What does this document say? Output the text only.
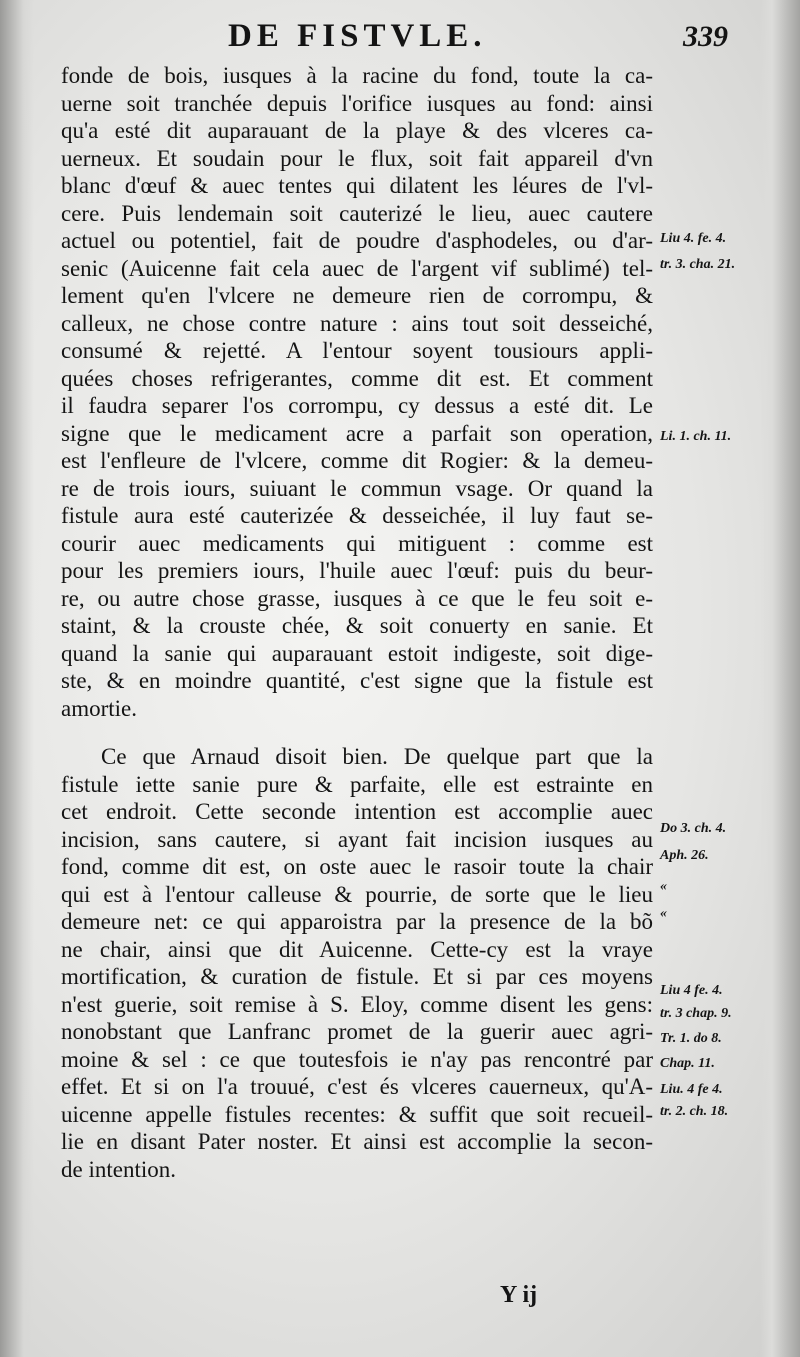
DE FISTVLE.	339
fonde de bois, iusques à la racine du fond, toute la ca-
uerne soit tranchée depuis l'orifice iusques au fond: ainsi
qu'a esté dit auparauant de la playe & des vlceres ca-
uerneux. Et soudain pour le flux, soit fait appareil d'vn
blanc d'œuf & auec tentes qui dilatent les léures de l'vl-
cere. Puis lendemain soit cauterizé le lieu, auec cautere
actuel ou potentiel, fait de poudre d'asphodeles, ou d'ar-
senic (Auicenne fait cela auec de l'argent vif sublimé) tel-
lement qu'en l'vlcere ne demeure rien de corrompu, &
calleux, ne chose contre nature : ains tout soit desseiché,
consumé & rejetté. A l'entour soyent tousiours appli-
quées choses refrigerantes, comme dit est. Et comment
il faudra separer l'os corrompu, cy dessus a esté dit. Le
signe que le medicament acre a parfait son operation,
est l'enfleure de l'vlcere, comme dit Rogier: & la demeu-
re de trois iours, suiuant le commun vsage. Or quand la
fistule aura esté cauterizée & desseichée, il luy faut se-
courir auec medicaments qui mitiguent : comme est
pour les premiers iours, l'huile auec l'œuf: puis du beur-
re, ou autre chose grasse, iusques à ce que le feu soit e-
staint, & la crouste chée, & soit conuerty en sanie. Et
quand la sanie qui auparauant estoit indigeste, soit dige-
ste, & en moindre quantité, c'est signe que la fistule est
amortie.
Ce que Arnaud disoit bien. De quelque part que la
fistule iette sanie pure & parfaite, elle est estrainte en
cet endroit. Cette seconde intention est accomplie auec
incision, sans cautere, si ayant fait incision iusques au
fond, comme dit est, on oste auec le rasoir toute la chair
qui est à l'entour calleuse & pourrie, de sorte que le lieu
demeure net: ce qui apparoistra par la presence de la bõ
ne chair, ainsi que dit Auicenne. Cette-cy est la vraye
mortification, & curation de fistule. Et si par ces moyens
n'est guerie, soit remise à S. Eloy, comme disent les gens:
nonobstant que Lanfranc promet de la guerir auec agri-
moine & sel : ce que toutesfois ie n'ay pas rencontré par
effet. Et si on l'a trouué, c'est és vlceres cauerneux, qu'A-
uicenne appelle fistules recentes: & suffit que soit recueil-
lie en disant Pater noster. Et ainsi est accomplie la secon-
de intention.
Liu 4. fe. 4.
tr. 3. cha. 21.
Li. 1. ch. 11.
Do 3. ch. 4.
Aph. 26.
«
«
Liu 4 fe. 4.
tr. 3 chap. 9.
Tr. 1. do 8.
Chap. 11.
Liu. 4 fe 4.
tr. 2. ch. 18.
Y ij
